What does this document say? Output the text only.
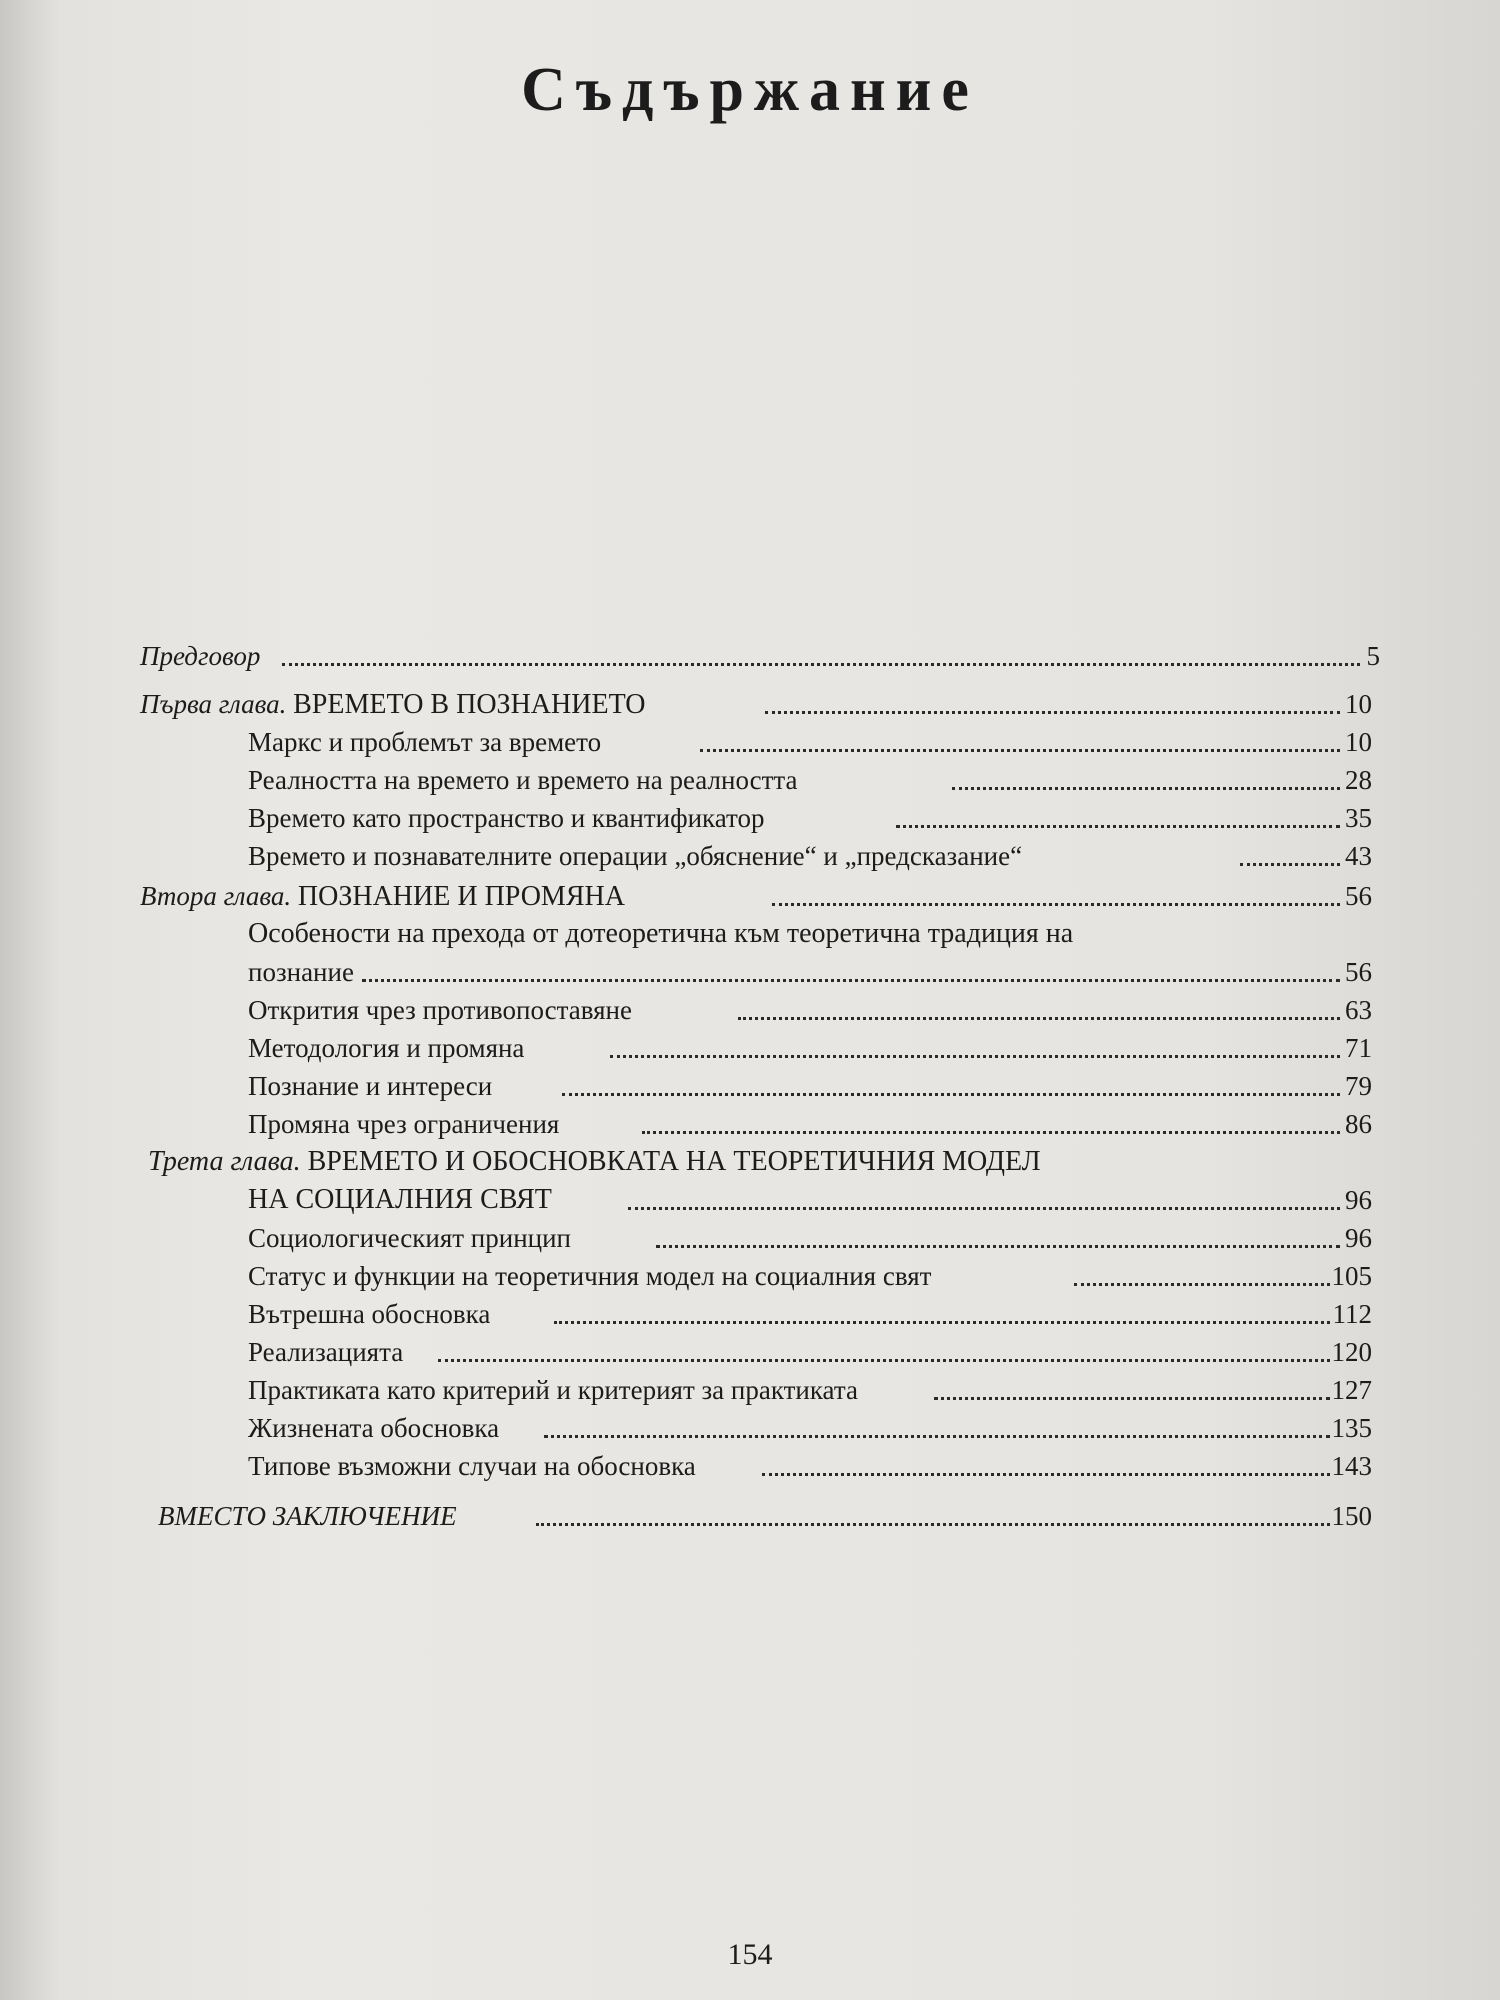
Съдържание
Предговор	5
Първа глава. ВРЕМЕТО В ПОЗНАНИЕТО	10
Маркс и проблемът за времето	10
Реалността на времето и времето на реалността	28
Времето като пространство и квантификатор	35
Времето и познавателните операции „обяснение“ и „предсказание“	43
Втора глава. ПОЗНАНИЕ И ПРОМЯНА	56
Особености на прехода от дотеоретична към теоретична традиция на
познание	56
Открития чрез противопоставяне	63
Методология и промяна	71
Познание и интереси	79
Промяна чрез ограничения	86
Трета глава. ВРЕМЕТО И ОБОСНОВКАТА НА ТЕОРЕТИЧНИЯ МОДЕЛ
НА СОЦИАЛНИЯ СВЯТ	96
Социологическият принцип	96
Статус и функции на теоретичния модел на социалния свят	105
Вътрешна обосновка	112
Реализацията	120
Практиката като критерий и критерият за практиката	127
Жизнената обосновка	135
Типове възможни случаи на обосновка	143
ВМЕСТО ЗАКЛЮЧЕНИЕ	150
154
